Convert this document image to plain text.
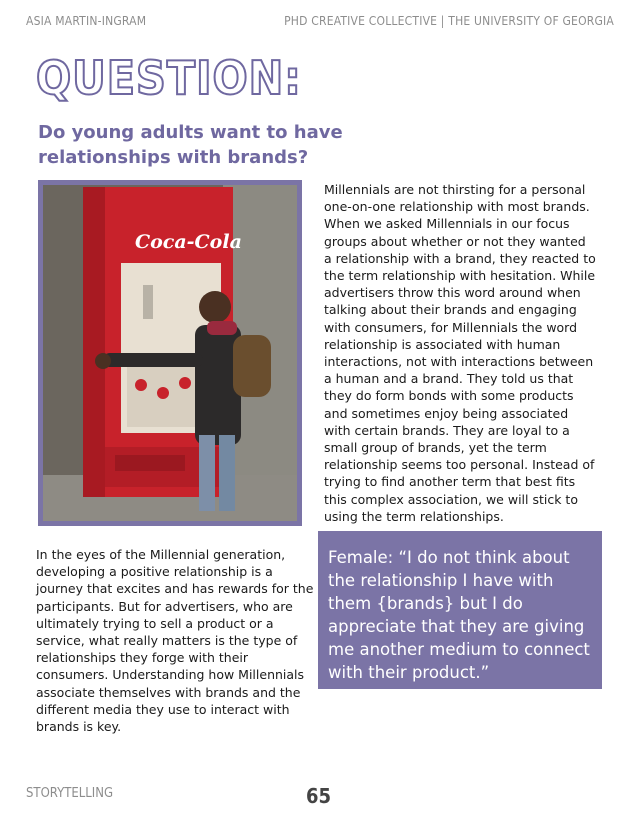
ASIA MARTIN-INGRAM	PHD CREATIVE COLLECTIVE | THE UNIVERSITY OF GEORGIA
QUESTION:
Do young adults want to have relationships with brands?
Coca-Cola
Millennials are not thirsting for a personal one-on-one relationship with most brands. When we asked Millennials in our focus groups about whether or not they wanted a relationship with a brand, they reacted to the term relationship with hesitation. While advertisers throw this word around when talking about their brands and engaging with consumers, for Millennials the word relationship is associated with human interactions, not with interactions between a human and a brand. They told us that they do form bonds with some products and sometimes enjoy being associated with certain brands. They are loyal to a small group of brands, yet the term relationship seems too personal. Instead of trying to find another term that best fits this complex association, we will stick to using the term relationships.
In the eyes of the Millennial generation, developing a positive relationship is a journey that excites and has rewards for the participants. But for advertisers, who are ultimately trying to sell a product or a service, what really matters is the type of relationships they forge with their consumers. Understanding how Millennials associate themselves with brands and the different media they use to interact with brands is key.
Female: “I do not think about the relationship I have with them {brands} but I do appreciate that they are giving me another medium to connect with their product.”
STORYTELLING	65
